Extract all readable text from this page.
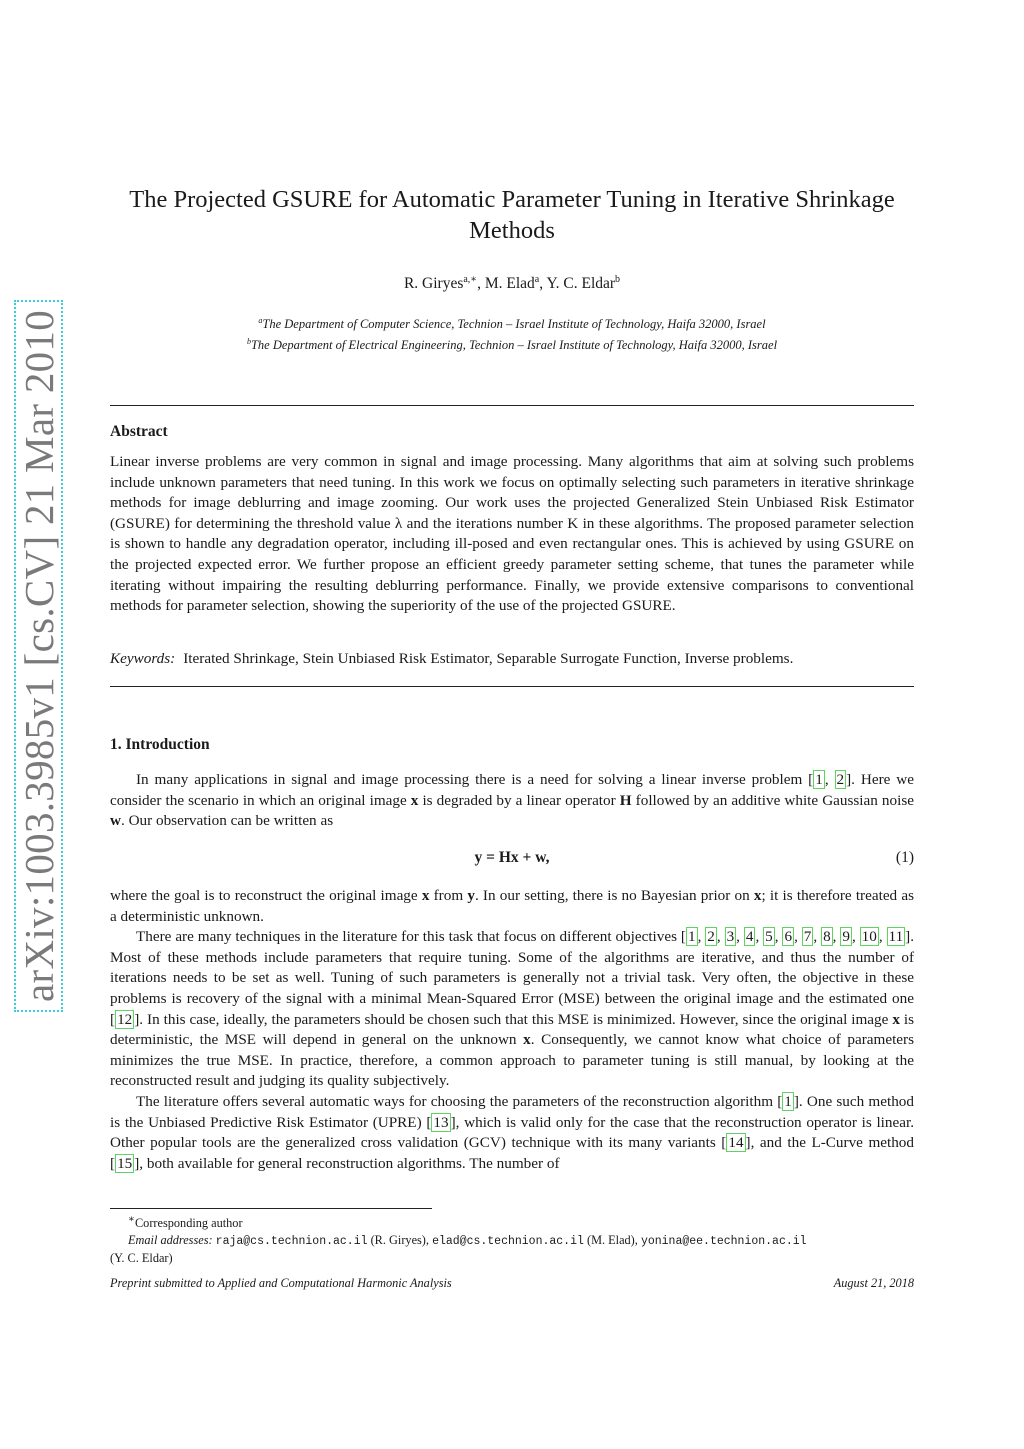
arXiv:1003.3985v1 [cs.CV] 21 Mar 2010
The Projected GSURE for Automatic Parameter Tuning in Iterative Shrinkage Methods
R. Giryes$^{a,∗}$, M. Elad$^a$, Y. C. Eldar$^b$
$^a$The Department of Computer Science, Technion – Israel Institute of Technology, Haifa 32000, Israel
$^b$The Department of Electrical Engineering, Technion – Israel Institute of Technology, Haifa 32000, Israel
Abstract
Linear inverse problems are very common in signal and image processing. Many algorithms that aim at solving such problems include unknown parameters that need tuning. In this work we focus on optimally selecting such parameters in iterative shrinkage methods for image deblurring and image zooming. Our work uses the projected Generalized Stein Unbiased Risk Estimator (GSURE) for determining the threshold value λ and the iterations number K in these algorithms. The proposed parameter selection is shown to handle any degradation operator, including ill-posed and even rectangular ones. This is achieved by using GSURE on the projected expected error. We further propose an efficient greedy parameter setting scheme, that tunes the parameter while iterating without impairing the resulting deblurring performance. Finally, we provide extensive comparisons to conventional methods for parameter selection, showing the superiority of the use of the projected GSURE.
Keywords: Iterated Shrinkage, Stein Unbiased Risk Estimator, Separable Surrogate Function, Inverse problems.
1. Introduction
In many applications in signal and image processing there is a need for solving a linear inverse problem [ 1 , 2 ]. Here we consider the scenario in which an original image x is degraded by a linear operator H followed by an additive white Gaussian noise w. Our observation can be written as
y = Hx + w,	(1)
where the goal is to reconstruct the original image x from y. In our setting, there is no Bayesian prior on x; it is therefore treated as a deterministic unknown.
There are many techniques in the literature for this task that focus on different objectives [ 1 , 2 , 3 , 4 , 5 , 6 , 7 , 8 , 9 , 10 , 11 ]. Most of these methods include parameters that require tuning. Some of the algorithms are iterative, and thus the number of iterations needs to be set as well. Tuning of such parameters is generally not a trivial task. Very often, the objective in these problems is recovery of the signal with a minimal Mean-Squared Error (MSE) between the original image and the estimated one [ 12 ]. In this case, ideally, the parameters should be chosen such that this MSE is minimized. However, since the original image x is deterministic, the MSE will depend in general on the unknown x. Consequently, we cannot know what choice of parameters minimizes the true MSE. In practice, therefore, a common approach to parameter tuning is still manual, by looking at the reconstructed result and judging its quality subjectively.
The literature offers several automatic ways for choosing the parameters of the reconstruction algorithm [ 1 ]. One such method is the Unbiased Predictive Risk Estimator (UPRE) [ 13 ], which is valid only for the case that the reconstruction operator is linear. Other popular tools are the generalized cross validation (GCV) technique with its many variants [ 14 ], and the L-Curve method [ 15 ], both available for general reconstruction algorithms. The number of
∗Corresponding author
Email addresses: raja@cs.technion.ac.il (R. Giryes), elad@cs.technion.ac.il (M. Elad), yonina@ee.technion.ac.il
(Y. C. Eldar)
Preprint submitted to Applied and Computational Harmonic Analysis	August 21, 2018
